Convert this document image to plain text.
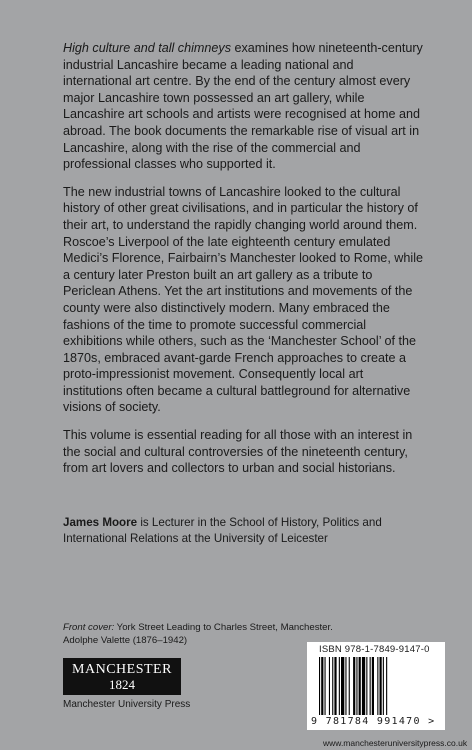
High culture and tall chimneys examines how nineteenth-century industrial Lancashire became a leading national and international art centre. By the end of the century almost every major Lancashire town possessed an art gallery, while Lancashire art schools and artists were recognised at home and abroad. The book documents the remarkable rise of visual art in Lancashire, along with the rise of the commercial and professional classes who supported it.

The new industrial towns of Lancashire looked to the cultural history of other great civilisations, and in particular the history of their art, to understand the rapidly changing world around them. Roscoe’s Liverpool of the late eighteenth century emulated Medici’s Florence, Fairbairn’s Manchester looked to Rome, while a century later Preston built an art gallery as a tribute to Periclean Athens. Yet the art institutions and movements of the county were also distinctively modern. Many embraced the fashions of the time to promote successful commercial exhibitions while others, such as the ‘Manchester School’ of the 1870s, embraced avant-garde French approaches to create a proto-impressionist movement. Consequently local art institutions often became a cultural battleground for alternative visions of society.

This volume is essential reading for all those with an interest in the social and cultural controversies of the nineteenth century, from art lovers and collectors to urban and social historians.

James Moore is Lecturer in the School of History, Politics and International Relations at the University of Leicester
Front cover: York Street Leading to Charles Street, Manchester.
Adolphe Valette (1876–1942)
MANCHESTER
1824
Manchester University Press
ISBN 978-1-7849-9147-0
9 781784 991470 >
www.manchesteruniversitypress.co.uk
